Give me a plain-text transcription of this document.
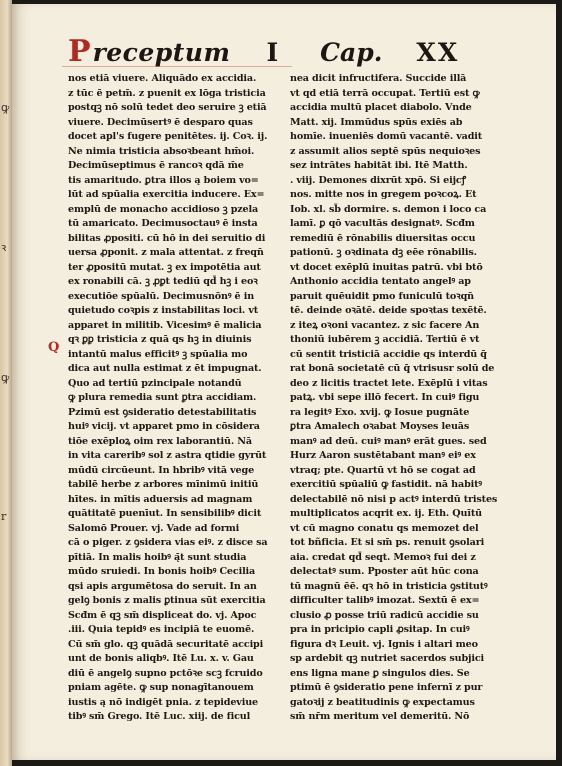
ꝙ
ꝛ
ꝙ
r
P receptum I Cap. XX
Q
nos etiā viuere. Aliquādo ex accidia.
z tūc ē petm̄. z puenit ex lōga tristicia
postqꝫ nō solū tedet deo seruire ꝫ etiā
viuere. Decimūsertꝰ ē desparo quas
docet apl's fugere penitētes. ij. Coꝛ. ij.
Ne nimia tristicia absoꝛbeant hm̄oi.
Decimūseptimus ē rancoꝛ qdā m̄e
tis amaritudo. ꝑtra illos ą boiem vo=
lūt ad spūalia exercitia inducere. Ex=
emplū de monacho accidioso ꝫ pzela
tū amaricato. Decimusoctauꝰ ē insta
bilitas ꝓpositi. cū hō in dei seruitio di
uersa ꝓponit. z mala attentat. z freqn̄
ter ꝓpositū mutat. ꝫ ex impotētia aut
ex ronabili cā. ꝫ ꝓꝑt tediū qd̄ hꝫ i eoꝛ
executiōe spūalū. Decimusnōnꝰ ē in
quietudo coꝛpis z instabilitas loci. vt
apparet in militib. Vicesimꝰ ē malicia
qꝛ ꝑꝑ tristicia z quā qs hꝫ in diuinis
intantū malus efficitꝰ ꝫ spūalia mo
dica aut nulla estimat z ēt impugnat.
Quo ad tertiū pzincipale notandū
ꝙ plura remedia sunt ꝑtra accidiam.
Pzimū est ꝯsideratio detestabilitatis
huiꝰ vicij. vt apparet pmo in cōsidera
tiōe exēploꝝ oim rex laborantiū. Nā
in vita careribꝰ sol z astra qtidie gyrūt
mūdū circūeunt. In hbribꝰ vitā vege
tabilē herbe z arbores mīnimū initiū
hītes. in mītis aduersis ad magnam
quātitatē puenīut. In sensibilibꝰ dicit
Salomō Prouer. vj. Vade ad formi
cā o piger. z ꝯsidera vias eiꝰ. z disce sa
pītiā. In malis hoibꝰ ą̄t sunt studia
mūdo sruiedi. In bonis hoibꝰ Cecilia
qsi apis argumētosa do seruit. In an
gelꝯ bonis z malis ꝑtinua sūt exercitia
Scđm ē qꝫ sm̄ displiceat do. vj. Apoc
.iii. Quia tepidꝰ es incipiā te euomē.
Cū sm̄ glo. qꝫ quādā securitatē accipi
unt de bonis aliqbꝰ. Itē Lu. x. v. Gau
diū ē angelꝯ supno pctōꝛe scꝫ fcruido
pniam agēte. ꝙ sup nonagītanouem
iustis ą nō indigēt pnia. z tepideviue
tibꝰ sm̄ Grego. Itē Luc. xiij. de ficul
nea dicit infructifera. Succide illā
vt qd etiā terrā occupat. Tertiū est ꝙ
accidia multū placet diabolo. Vnde
Matt. xij. Immūdus spūs exiēs ab
homīe. inueniēs domū vacantē. vadit
z assumit alios septē spūs nequioꝛes
sez intrātes habitāt ibi. Itē Matth.
. viij. Demones dixrūt xpō. Si eijcꝭ
nos. mitte nos in gregem poꝛcoꝝ. Et
Iob. xl. sb̄ dormire. s. demon i loco ca
lamī. ꝑ qō vacultās designatꝰ. Scđm
remediū ē rōnabilis diuersitas occu
pationū. ꝫ oꝛdinata dꝫ eēe rōnabilis.
vt docet exēplū inuitas patrū. vbi btō
Anthonio accidia tentato angelꝰ ap
paruit quēuidit pmo funiculū toꝛqn̄
tē. deinde oꝛātē. deide spoꝛtas texētē.
z iteꝝ oꝛoni vacantez. z sic facere An
thoniū iubērem ꝫ accidiā. Tertiū ē vt
cū sentit tristiciā accidie qs interdū q̄
rat bonā societatē cū q̄ vtrisusr solū de
deo z licitis tractet lete. Exēplū i vitas
patꝝ. vbi sepe illō fecert. In cuiꝰ figu
ra legitꝰ Exo. xvij. ꝙ Iosue pugnāte
ꝑtra Amalech oꝛabat Moyses leuās
manꝰ ad deū. cuiꝰ manꝰ erāt gues. sed
Hurz Aaron sustētabant manꝰ eiꝰ ex
vtraq; pte. Quartū vt hō se cogat ad
exercitiū spūaliū ꝙ fastidit. nā habitꝰ
delectabilē nō nisi p actꝰ interdū tristes
multiplicatos acqrit ex. ij. Eth. Quītū
vt cū magno conatu qs memozet del
tot bñficia. Et si sm̄ ps. renuit ꝯsolari
aia. credat qd̄ seqt. Memoꝛ fui dei z
delectatꝰ sum. Pposter aūt hūc cona
tū magnū ēē. qꝛ hō in tristicia ꝯstitutꝰ
difficulter talibꝰ imozat. Sextū ē ex=
clusio ꝓ posse triū radicū accidie su
pra in pricipio capli ꝓsitap. In cuiꝰ
figura dꝛ Leuit. vj. Ignis i altari meo
sp ardebit qꝫ nutriet sacerdos subjici
ens ligna mane ꝑ singulos dies. Se
ptimū ē ꝯsideratio pene infernī z pur
gatoꝛij z beatitudinis ꝙ expectamus
sm̄ nr̄m meritum vel demeritū. Nō
